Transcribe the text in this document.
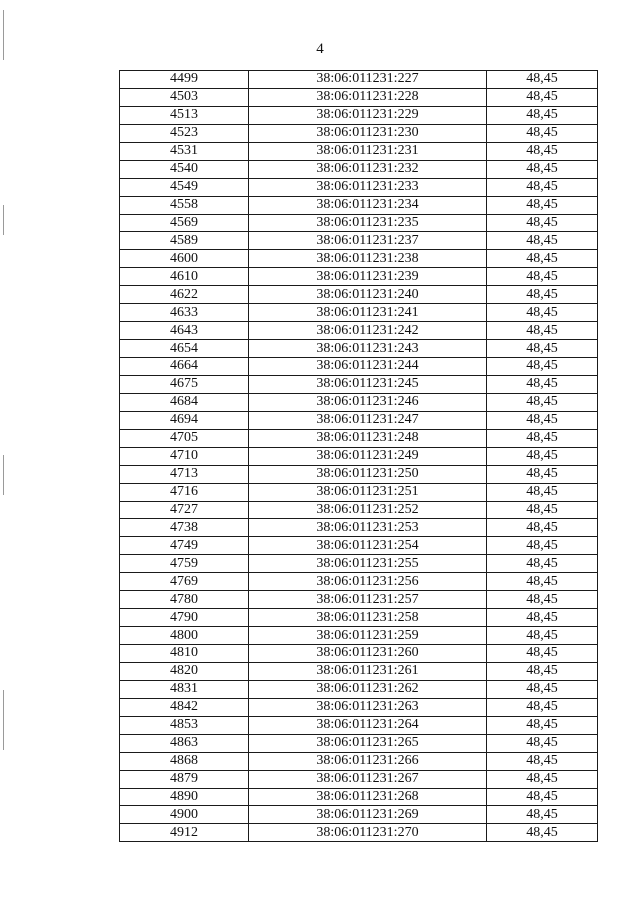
4
4499	38:06:011231:227	48,45
4503	38:06:011231:228	48,45
4513	38:06:011231:229	48,45
4523	38:06:011231:230	48,45
4531	38:06:011231:231	48,45
4540	38:06:011231:232	48,45
4549	38:06:011231:233	48,45
4558	38:06:011231:234	48,45
4569	38:06:011231:235	48,45
4589	38:06:011231:237	48,45
4600	38:06:011231:238	48,45
4610	38:06:011231:239	48,45
4622	38:06:011231:240	48,45
4633	38:06:011231:241	48,45
4643	38:06:011231:242	48,45
4654	38:06:011231:243	48,45
4664	38:06:011231:244	48,45
4675	38:06:011231:245	48,45
4684	38:06:011231:246	48,45
4694	38:06:011231:247	48,45
4705	38:06:011231:248	48,45
4710	38:06:011231:249	48,45
4713	38:06:011231:250	48,45
4716	38:06:011231:251	48,45
4727	38:06:011231:252	48,45
4738	38:06:011231:253	48,45
4749	38:06:011231:254	48,45
4759	38:06:011231:255	48,45
4769	38:06:011231:256	48,45
4780	38:06:011231:257	48,45
4790	38:06:011231:258	48,45
4800	38:06:011231:259	48,45
4810	38:06:011231:260	48,45
4820	38:06:011231:261	48,45
4831	38:06:011231:262	48,45
4842	38:06:011231:263	48,45
4853	38:06:011231:264	48,45
4863	38:06:011231:265	48,45
4868	38:06:011231:266	48,45
4879	38:06:011231:267	48,45
4890	38:06:011231:268	48,45
4900	38:06:011231:269	48,45
4912	38:06:011231:270	48,45
